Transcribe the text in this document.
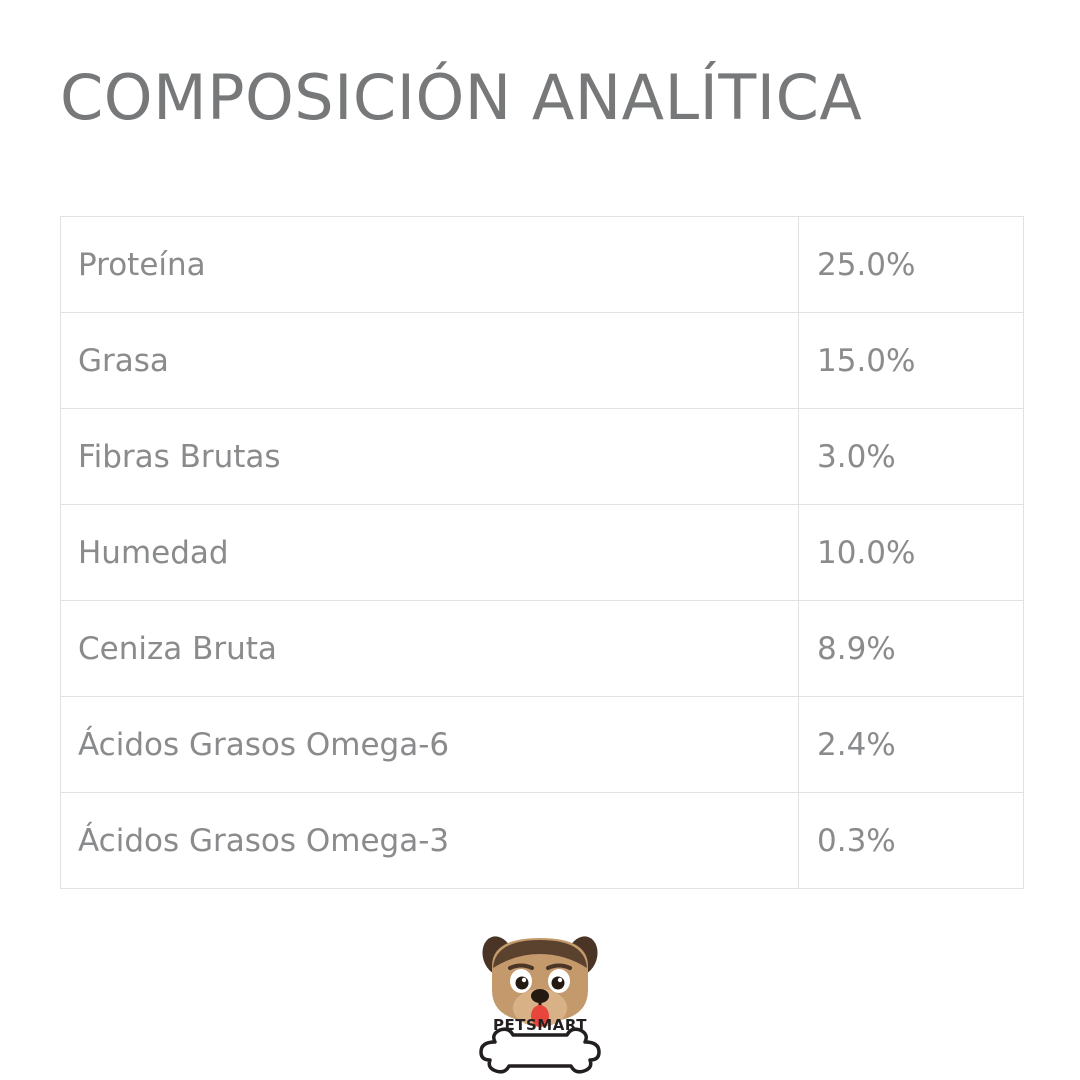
COMPOSICIÓN ANALÍTICA
Proteína	25.0%
Grasa	15.0%
Fibras Brutas	3.0%
Humedad	10.0%
Ceniza Bruta	8.9%
Ácidos Grasos Omega-6	2.4%
Ácidos Grasos Omega-3	0.3%
PETSMART
